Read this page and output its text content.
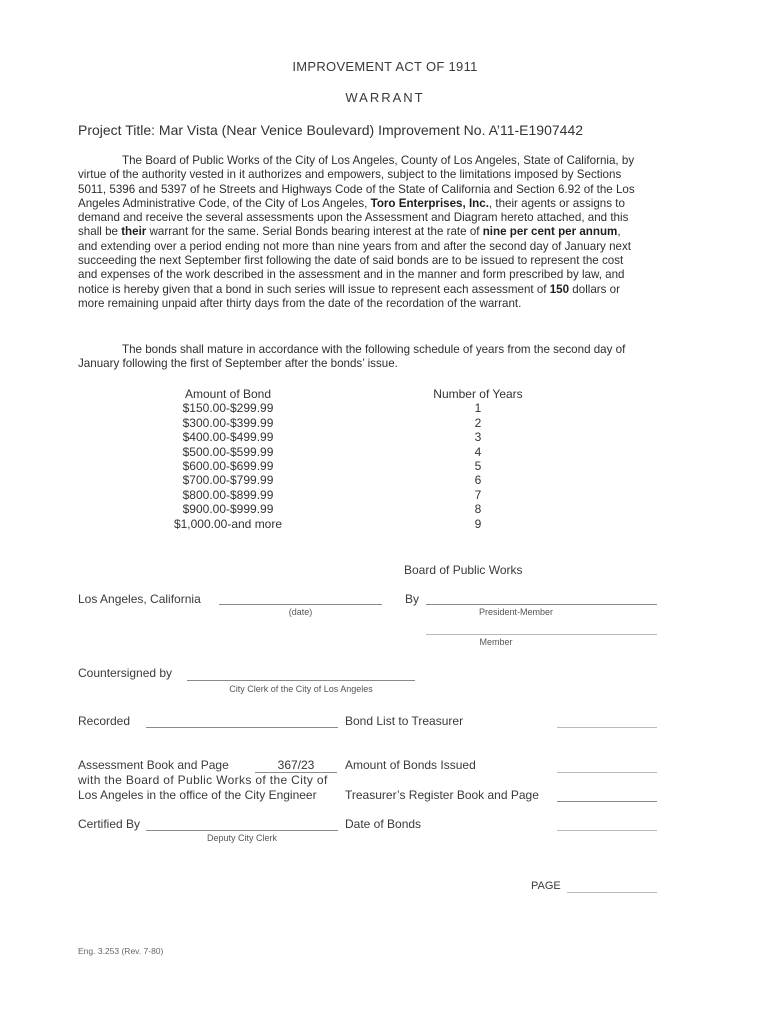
IMPROVEMENT ACT OF 1911
WARRANT
Project Title: Mar Vista (Near Venice Boulevard) Improvement No. A’11-E1907442
The Board of Public Works of the City of Los Angeles, County of Los Angeles, State of California, by virtue of the authority vested in it authorizes and empowers, subject to the limitations imposed by Sections 5011, 5396 and 5397 of he Streets and Highways Code of the State of California and Section 6.92 of the Los Angeles Administrative Code, of the City of Los Angeles, Toro Enterprises, Inc., their agents or assigns to demand and receive the several assessments upon the Assessment and Diagram hereto attached, and this shall be their warrant for the same. Serial Bonds bearing interest at the rate of nine per cent per annum, and extending over a period ending not more than nine years from and after the second day of January next succeeding the next September first following the date of said bonds are to be issued to represent the cost and expenses of the work described in the assessment and in the manner and form prescribed by law, and notice is hereby given that a bond in such series will issue to represent each assessment of 150 dollars or more remaining unpaid after thirty days from the date of the recordation of the warrant.
The bonds shall mature in accordance with the following schedule of years from the second day of January following the first of September after the bonds’ issue.
Amount of Bond
$150.00-$299.99
$300.00-$399.99
$400.00-$499.99
$500.00-$599.99
$600.00-$699.99
$700.00-$799.99
$800.00-$899.99
$900.00-$999.99
$1,000.00-and more
Number of Years
1
2
3
4
5
6
7
8
9
Board of Public Works
Los Angeles, California
(date)
By
President-Member
Member
Countersigned by
City Clerk of the City of Los Angeles
Recorded	Bond List to Treasurer
Assessment Book and Page	367/23
with the Board of Public Works of the City of
Los Angeles in the office of the City Engineer
Amount of Bonds Issued
Treasurer’s Register Book and Page
Certified By
Deputy City Clerk
Date of Bonds
PAGE
Eng. 3.253 (Rev. 7-80)
